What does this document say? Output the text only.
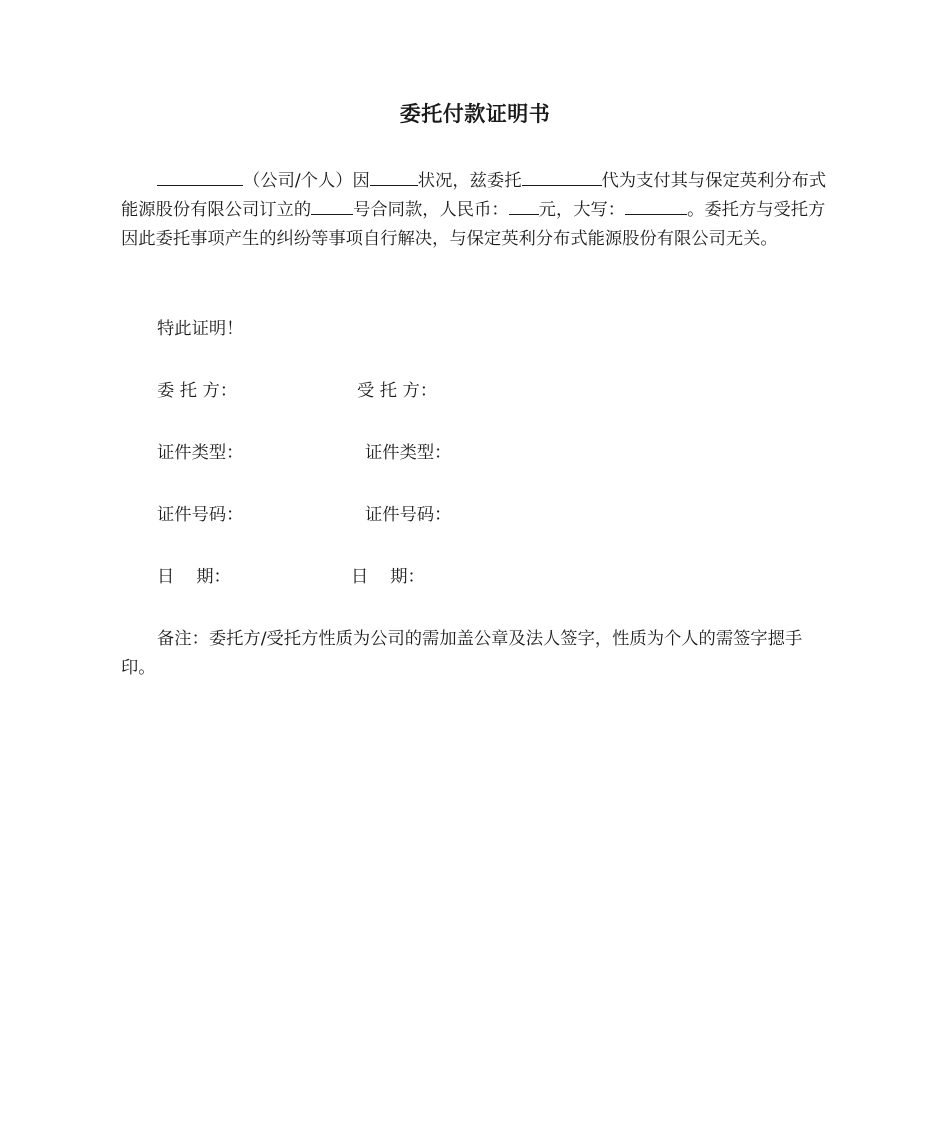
委托付款证明书

（公司/个人）因	状况，兹委托	代为支付其与保定英利分布式能源股份有限公司订立的 号合同款，人民币： 元，大写：	。委托方与受托方因此委托事项产生的纠纷等事项自行解决，与保定英利分布式能源股份有限公司无关。

特此证明！
委 托 方：	受 托 方：
证件类型：	证件类型：
证件号码：	证件号码：
日    期：	日    期：

备注：委托方/受托方性质为公司的需加盖公章及法人签字，性质为个人的需签字摁手印。
